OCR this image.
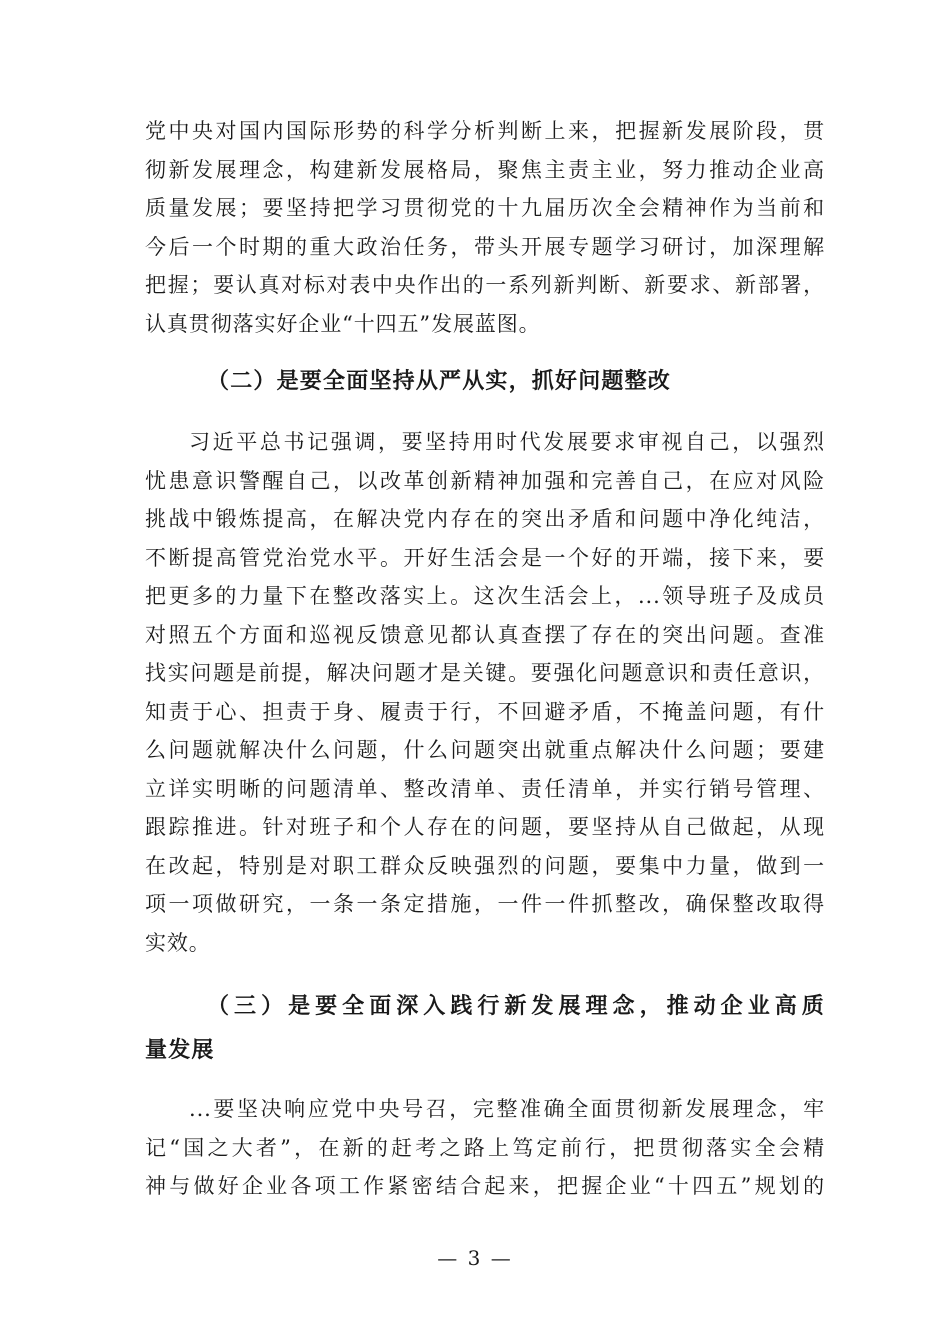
党中央对国内国际形势的科学分析判断上来，把握新发展阶段，贯
彻新发展理念，构建新发展格局，聚焦主责主业，努力推动企业高
质量发展；要坚持把学习贯彻党的十九届历次全会精神作为当前和
今后一个时期的重大政治任务，带头开展专题学习研讨，加深理解
把握；要认真对标对表中央作出的一系列新判断、新要求、新部署，
认真贯彻落实好企业“十四五”发展蓝图。
（二）是要全面坚持从严从实，抓好问题整改
习近平总书记强调，要坚持用时代发展要求审视自己，以强烈
忧患意识警醒自己，以改革创新精神加强和完善自己，在应对风险
挑战中锻炼提高，在解决党内存在的突出矛盾和问题中净化纯洁，
不断提高管党治党水平。开好生活会是一个好的开端，接下来，要
把更多的力量下在整改落实上。这次生活会上，...领导班子及成员
对照五个方面和巡视反馈意见都认真查摆了存在的突出问题。查准
找实问题是前提，解决问题才是关键。要强化问题意识和责任意识，
知责于心、担责于身、履责于行，不回避矛盾，不掩盖问题，有什
么问题就解决什么问题，什么问题突出就重点解决什么问题；要建
立详实明晰的问题清单、整改清单、责任清单，并实行销号管理、
跟踪推进。针对班子和个人存在的问题，要坚持从自己做起，从现
在改起，特别是对职工群众反映强烈的问题，要集中力量，做到一
项一项做研究，一条一条定措施，一件一件抓整改，确保整改取得
实效。
（三）是要全面深入践行新发展理念，推动企业高质
量发展
...要坚决响应党中央号召，完整准确全面贯彻新发展理念，牢
记“国之大者”，在新的赶考之路上笃定前行，把贯彻落实全会精
神与做好企业各项工作紧密结合起来，把握企业“十四五”规划的
— 3 —
